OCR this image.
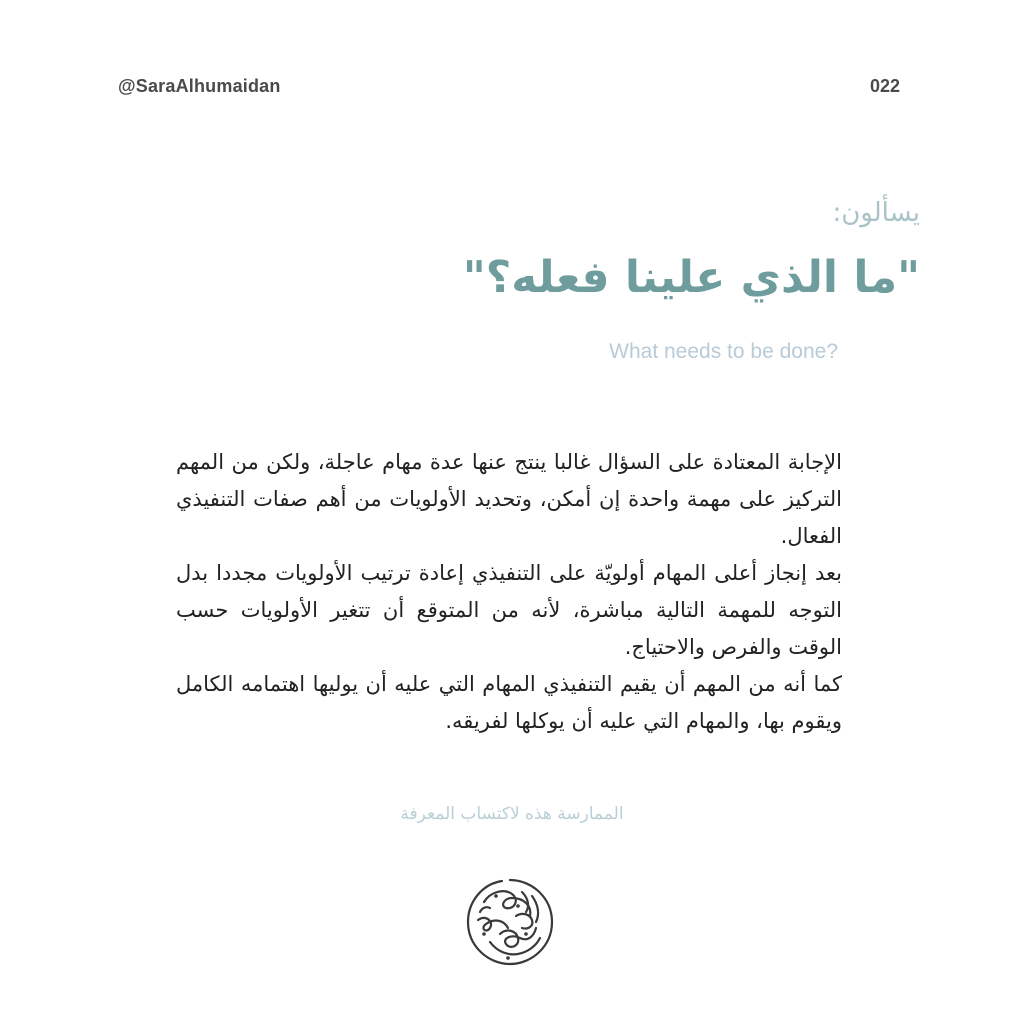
@SaraAlhumaidan	022
يسألون:
"ما الذي علينا فعله؟"
What needs to be done?

الإجابة المعتادة على السؤال غالبا ينتج عنها عدة مهام عاجلة، ولكن من المهم التركيز على مهمة واحدة إن أمكن، وتحديد الأولويات من أهم صفات التنفيذي الفعال.

بعد إنجاز أعلى المهام أولويّة على التنفيذي إعادة ترتيب الأولويات مجددا بدل التوجه للمهمة التالية مباشرة، لأنه من المتوقع أن تتغير الأولويات حسب الوقت والفرص والاحتياج.

كما أنه من المهم أن يقيم التنفيذي المهام التي عليه أن يوليها اهتمامه الكامل ويقوم بها، والمهام التي عليه أن يوكلها لفريقه.

الممارسة هذه لاكتساب المعرفة
